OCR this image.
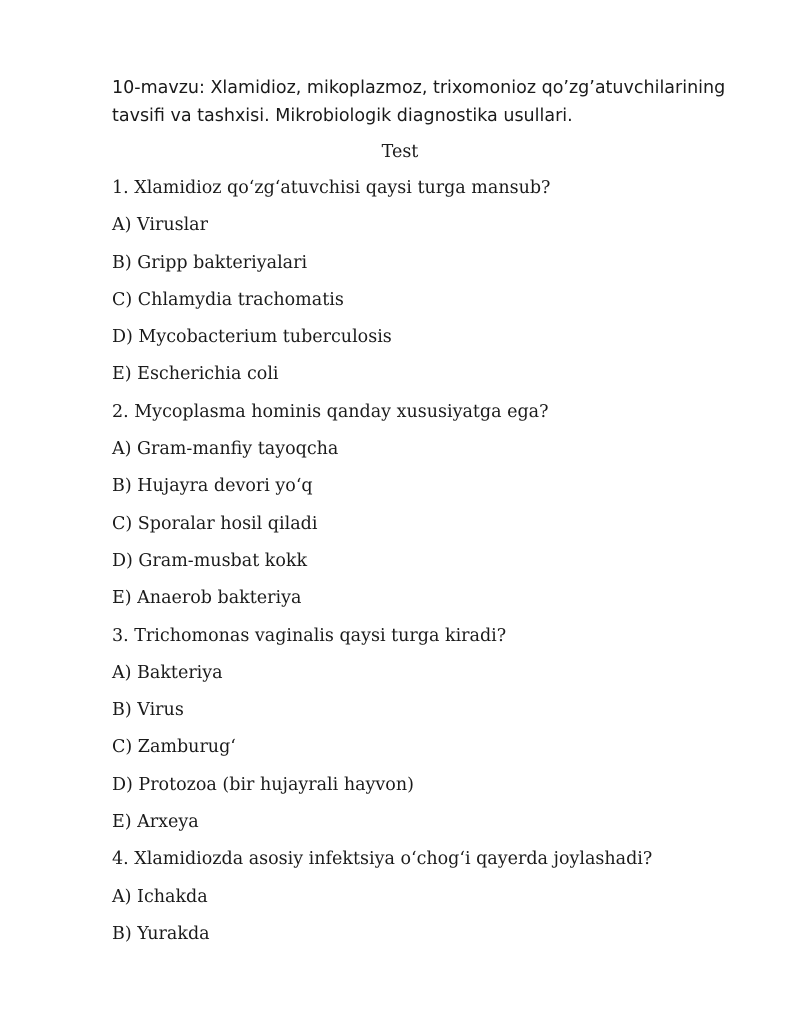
10-mavzu: Xlamidioz, mikoplazmoz, trixomonioz qo’zg’atuvchilarining tavsifi va tashxisi. Mikrobiologik diagnostika usullari.
Test
1. Xlamidioz qo‘zg‘atuvchisi qaysi turga mansub?
A) Viruslar
B) Gripp bakteriyalari
C) Chlamydia trachomatis
D) Mycobacterium tuberculosis
E) Escherichia coli
2. Mycoplasma hominis qanday xususiyatga ega?
A) Gram-manfiy tayoqcha
B) Hujayra devori yo‘q
C) Sporalar hosil qiladi
D) Gram-musbat kokk
E) Anaerob bakteriya
3. Trichomonas vaginalis qaysi turga kiradi?
A) Bakteriya
B) Virus
C) Zamburug‘
D) Protozoa (bir hujayrali hayvon)
E) Arxeya
4. Xlamidiozda asosiy infektsiya o‘chog‘i qayerda joylashadi?
A) Ichakda
B) Yurakda
